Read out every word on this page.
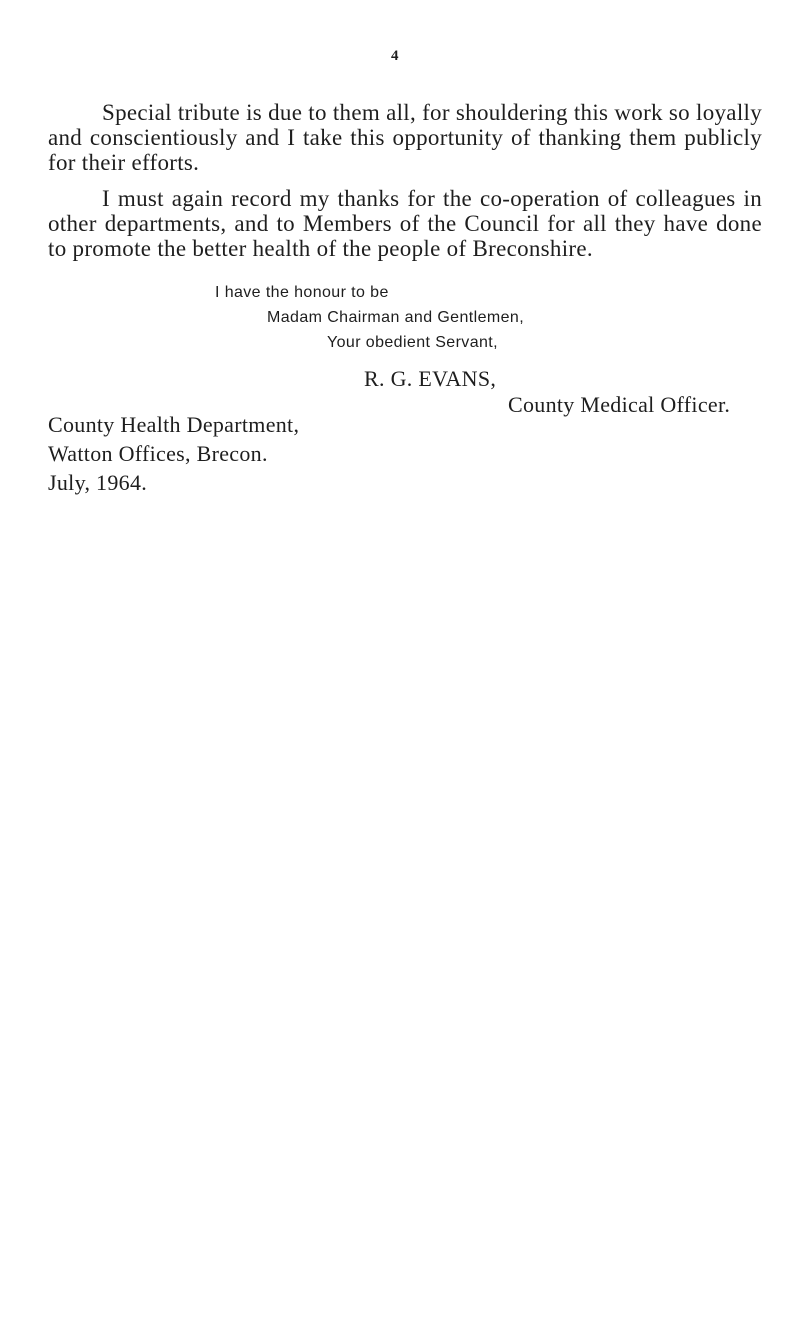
4

Special tribute is due to them all, for shouldering this work so loyally and conscientiously and I take this opportunity of thanking them publicly for their efforts.

I must again record my thanks for the co-operation of colleagues in other departments, and to Members of the Council for all they have done to promote the better health of the people of Breconshire.

I have the honour to be
Madam Chairman and Gentlemen,
Your obedient Servant,
R. G. EVANS,
County Medical Officer.
County Health Department,
Watton Offices, Brecon.
July, 1964.
